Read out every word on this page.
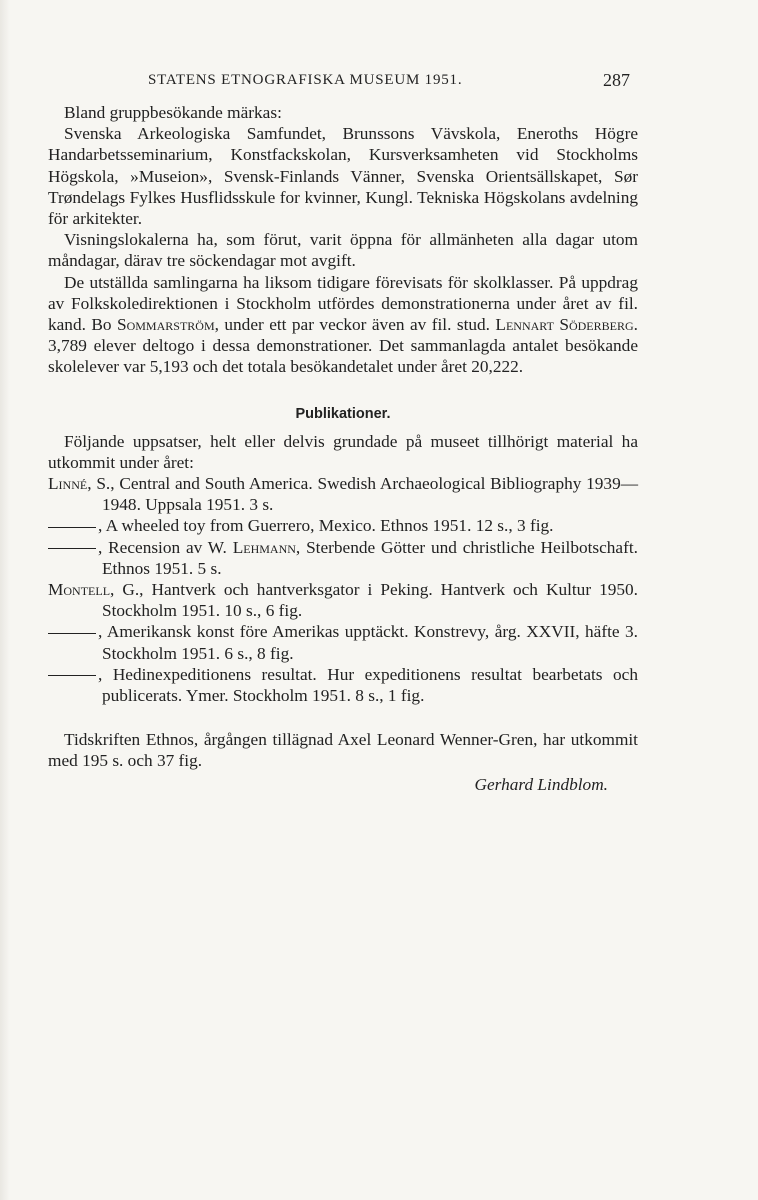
STATENS ETNOGRAFISKA MUSEUM 1951.	287

Bland gruppbesökande märkas:

Svenska Arkeologiska Samfundet, Brunssons Vävskola, Eneroths Högre Handarbetsseminarium, Konstfackskolan, Kursverksamheten vid Stockholms Högskola, »Museion», Svensk-Finlands Vänner, Svenska Orientsällskapet, Sør Trøndelags Fylkes Husflidsskule for kvinner, Kungl. Tekniska Högskolans avdelning för arkitekter.

Visningslokalerna ha, som förut, varit öppna för allmänheten alla dagar utom måndagar, därav tre söckendagar mot avgift.

De utställda samlingarna ha liksom tidigare förevisats för skolklasser. På uppdrag av Folkskoledirektionen i Stockholm utfördes demonstrationerna under året av fil. kand. Bo Sommarström, under ett par veckor även av fil. stud. Lennart Söderberg. 3,789 elever deltogo i dessa demonstrationer. Det sammanlagda antalet besökande skolelever var 5,193 och det totala besökandetalet under året 20,222.

Publikationer.

Följande uppsatser, helt eller delvis grundade på museet tillhörigt material ha utkommit under året:

Linné, S., Central and South America. Swedish Archaeological Bibliography 1939—1948. Uppsala 1951. 3 s.

, A wheeled toy from Guerrero, Mexico. Ethnos 1951. 12 s., 3 fig.

, Recension av W. Lehmann, Sterbende Götter und christliche Heilbotschaft. Ethnos 1951. 5 s.

Montell, G., Hantverk och hantverksgator i Peking. Hantverk och Kultur 1950. Stockholm 1951. 10 s., 6 fig.

, Amerikansk konst före Amerikas upptäckt. Konstrevy, årg. XXVII, häfte 3. Stockholm 1951. 6 s., 8 fig.

, Hedinexpeditionens resultat. Hur expeditionens resultat bearbetats och publicerats. Ymer. Stockholm 1951. 8 s., 1 fig.

Tidskriften Ethnos, årgången tillägnad Axel Leonard Wenner-Gren, har utkommit med 195 s. och 37 fig.

Gerhard Lindblom.
